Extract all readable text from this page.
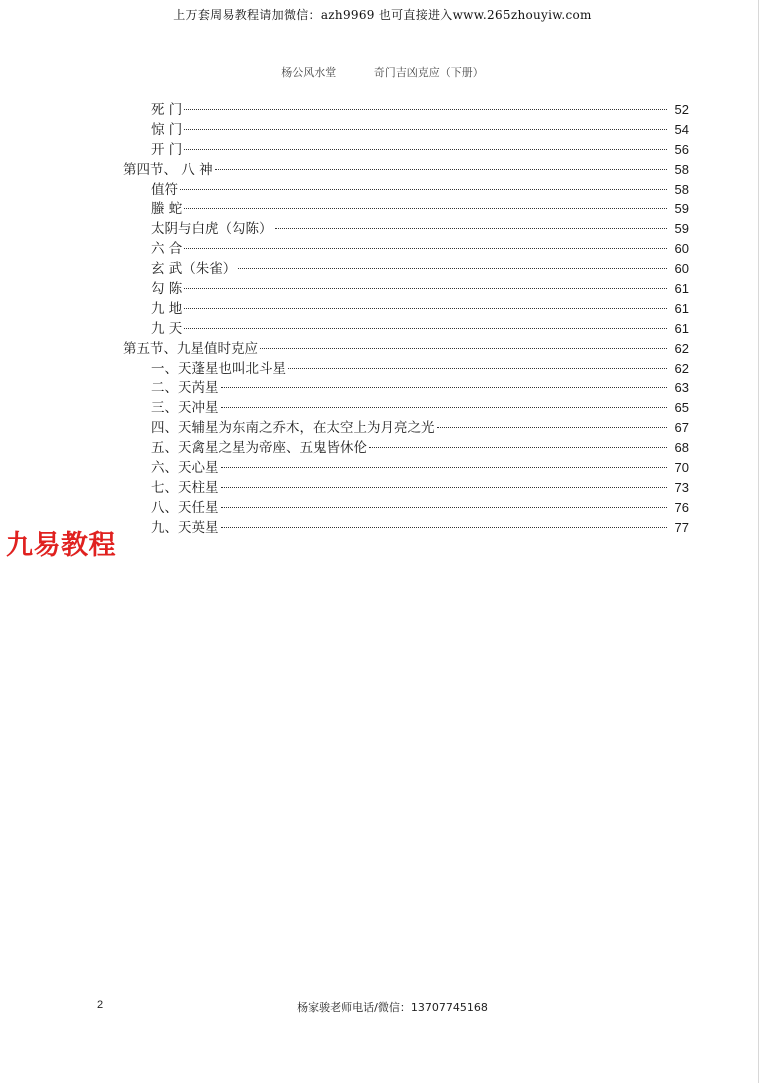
上万套周易教程请加微信：azh9969 也可直接进入www.265zhouyiw.com
杨公风水堂	奇门吉凶克应（下册）
死 门	52
惊 门	54
开 门	56
第四节、 八 神	58
值符	58
螣 蛇	59
太阴与白虎（勾陈）	59
六 合	60
玄 武（朱雀）	60
勾 陈	61
九 地	61
九 天	61
第五节、九星值时克应	62
一、天蓬星也叫北斗星	62
二、天芮星	63
三、天冲星	65
四、天辅星为东南之乔木，在太空上为月亮之光	67
五、天禽星之星为帝座、五鬼皆休伦	68
六、天心星	70
七、天柱星	73
八、天任星	76
九、天英星	77
九易教程
2	杨家骏老师电话/微信：13707745168
